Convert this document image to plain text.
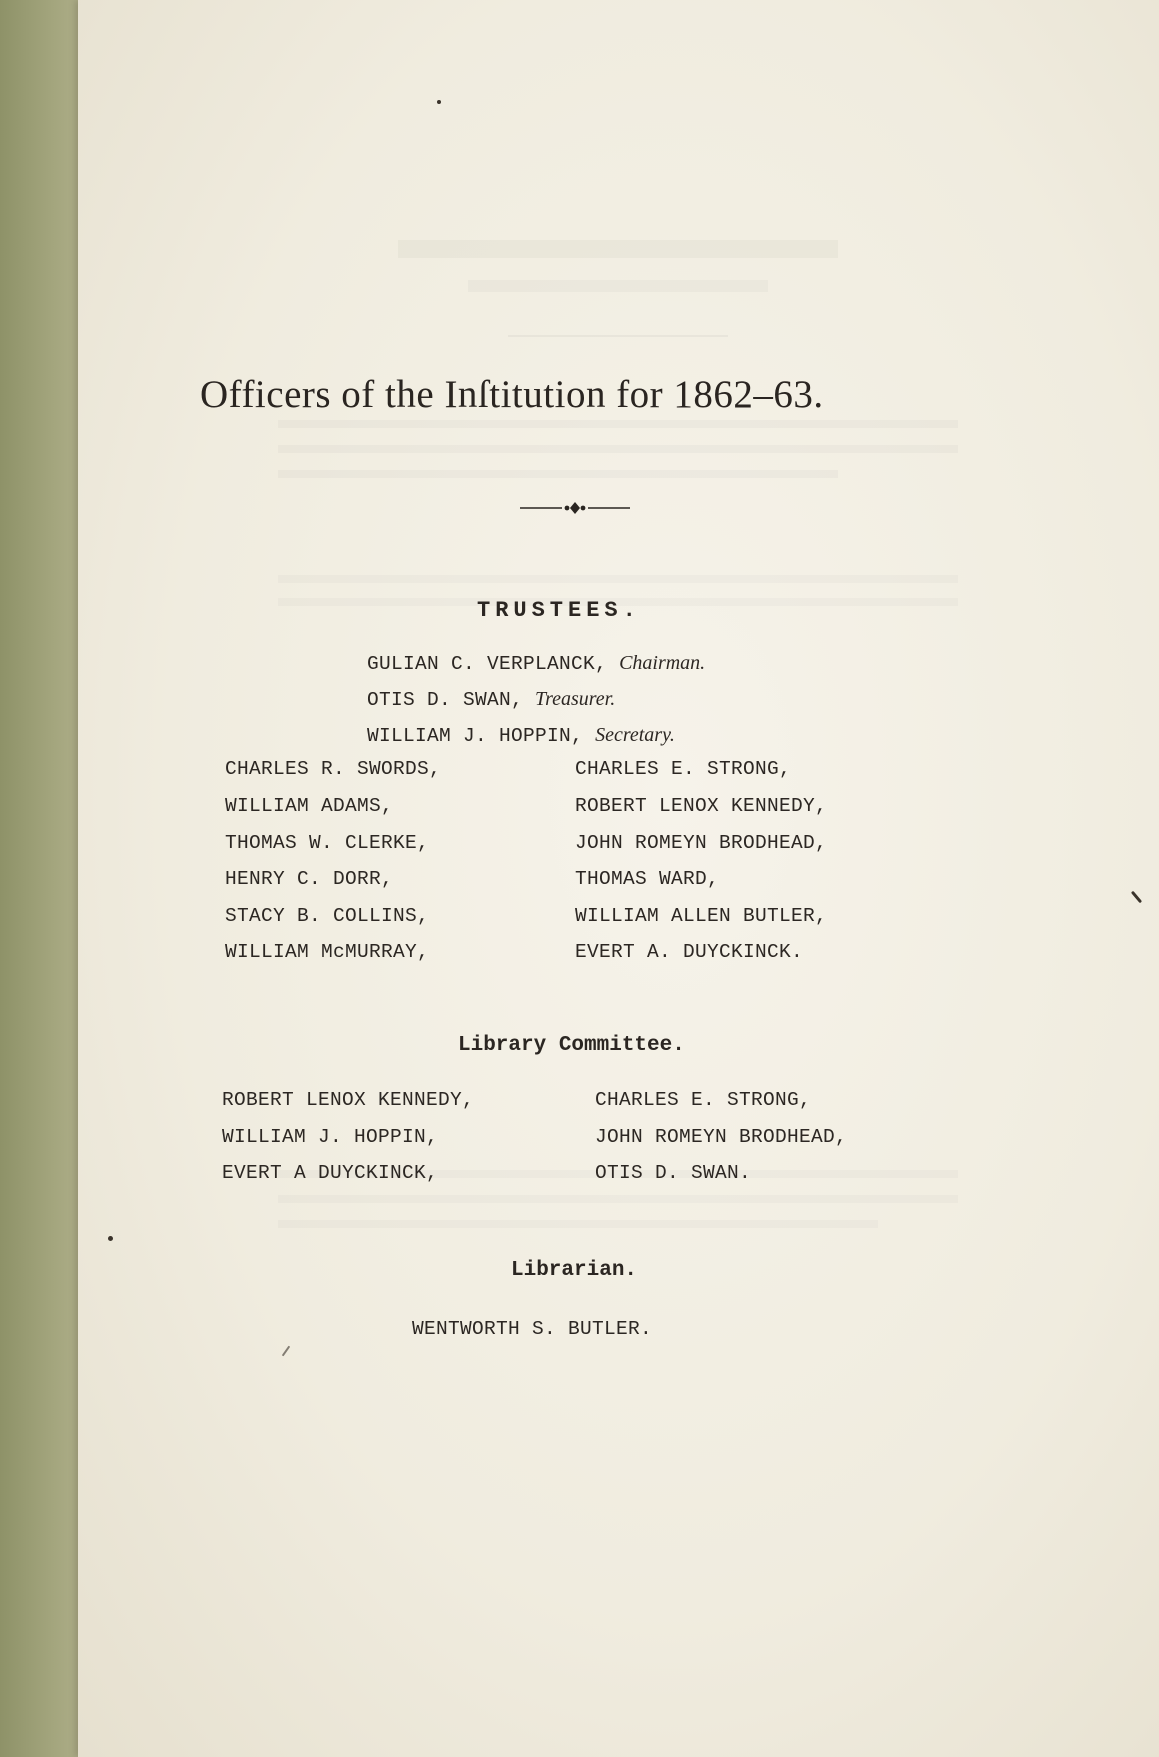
Officers of the Inſtitution for 1862–63.
TRUSTEES.
GULIAN C. VERPLANCK, Chairman.
OTIS D. SWAN, Treasurer.
WILLIAM J. HOPPIN, Secretary.
CHARLES R. SWORDS,
WILLIAM ADAMS,
THOMAS W. CLERKE,
HENRY C. DORR,
STACY B. COLLINS,
WILLIAM McMURRAY,
CHARLES E. STRONG,
ROBERT LENOX KENNEDY,
JOHN ROMEYN BRODHEAD,
THOMAS WARD,
WILLIAM ALLEN BUTLER,
EVERT A. DUYCKINCK.
Library Committee.
ROBERT LENOX KENNEDY,
WILLIAM J. HOPPIN,
EVERT A DUYCKINCK,
CHARLES E. STRONG,
JOHN ROMEYN BRODHEAD,
OTIS D. SWAN.
Librarian.
WENTWORTH S. BUTLER.
